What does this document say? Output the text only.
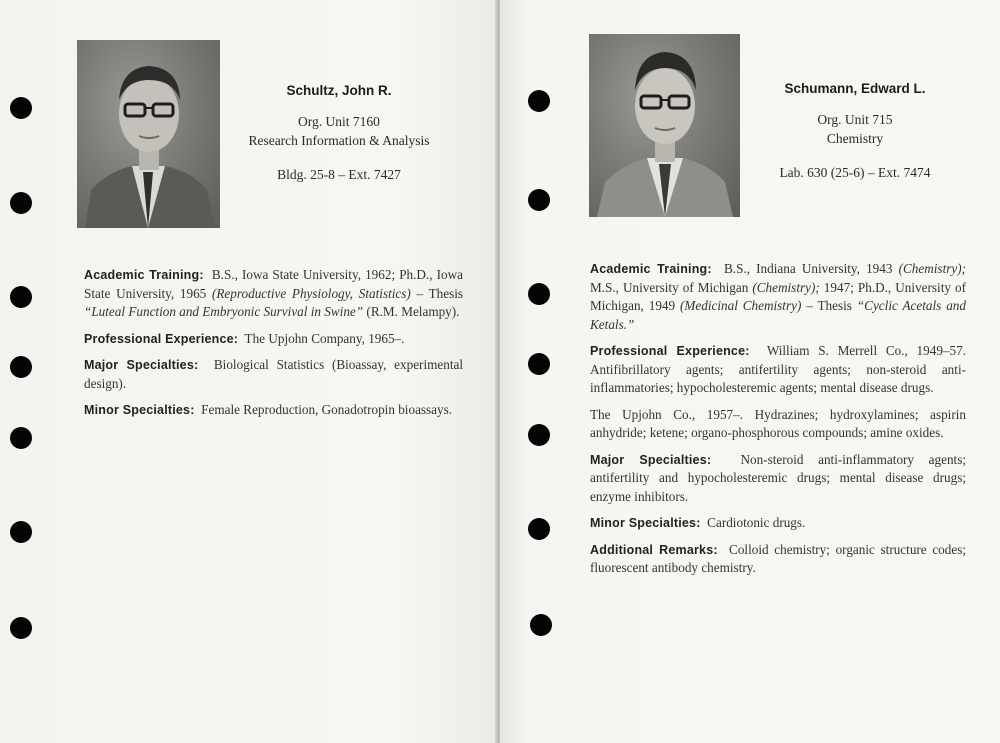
Schultz, John R.
Org. Unit 7160
Research Information & Analysis
Bldg. 25-8 – Ext. 7427

Academic Training: B.S., Iowa State University, 1962; Ph.D., Iowa State University, 1965 (Reproductive Physiology, Statistics) – Thesis “Luteal Function and Embryonic Survival in Swine” (R.M. Melampy).

Professional Experience: The Upjohn Company, 1965–.

Major Specialties: Biological Statistics (Bioassay, experimental design).

Minor Specialties: Female Reproduction, Gonadotropin bioassays.

Schumann, Edward L.
Org. Unit 715
Chemistry
Lab. 630 (25-6) – Ext. 7474

Academic Training: B.S., Indiana University, 1943 (Chemistry); M.S., University of Michigan (Chemistry); 1947; Ph.D., University of Michigan, 1949 (Medicinal Chemistry) – Thesis “Cyclic Acetals and Ketals.”

Professional Experience: William S. Merrell Co., 1949–57. Antifibrillatory agents; antifertility agents; non-steroid anti-inflammatories; hypocholesteremic agents; mental disease drugs.

The Upjohn Co., 1957–. Hydrazines; hydroxylamines; aspirin anhydride; ketene; organo-phosphorous compounds; amine oxides.

Major Specialties: Non-steroid anti-inflammatory agents; antifertility and hypocholesteremic drugs; mental disease drugs; enzyme inhibitors.

Minor Specialties: Cardiotonic drugs.

Additional Remarks: Colloid chemistry; organic structure codes; fluorescent antibody chemistry.
